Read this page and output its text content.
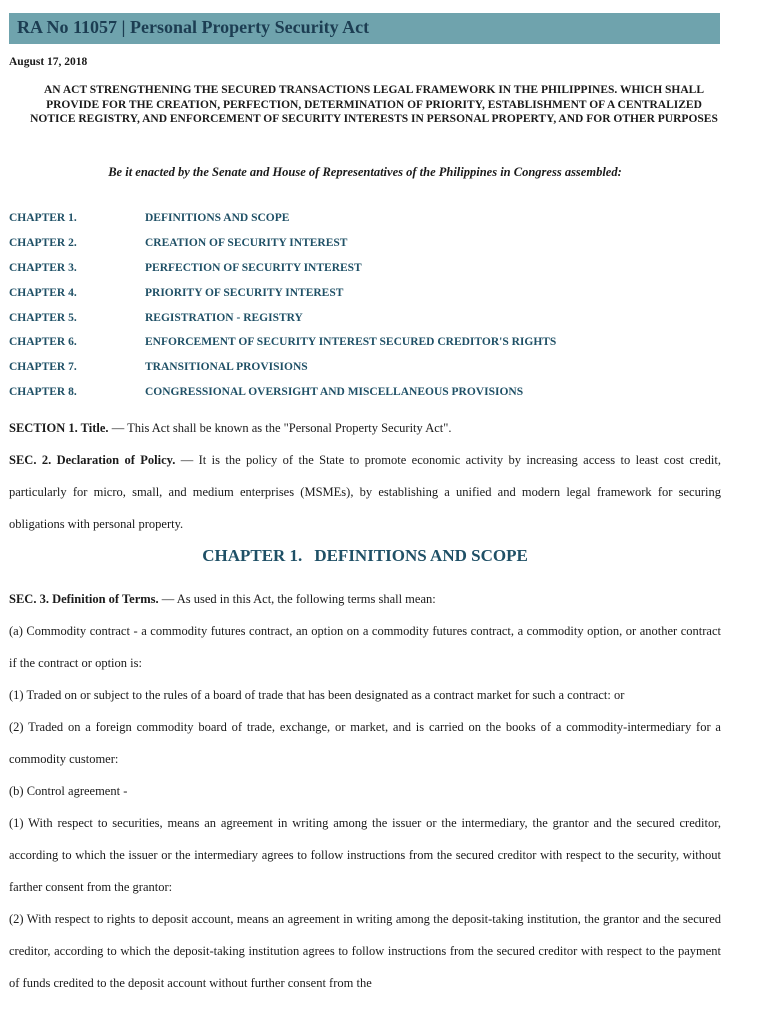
RA No 11057 | Personal Property Security Act
August 17, 2018
AN ACT STRENGTHENING THE SECURED TRANSACTIONS LEGAL FRAMEWORK IN THE PHILIPPINES. WHICH SHALL PROVIDE FOR THE CREATION, PERFECTION, DETERMINATION OF PRIORITY, ESTABLISHMENT OF A CENTRALIZED NOTICE REGISTRY, AND ENFORCEMENT OF SECURITY INTERESTS IN PERSONAL PROPERTY, AND FOR OTHER PURPOSES
Be it enacted by the Senate and House of Representatives of the Philippines in Congress assembled:
CHAPTER 1.	DEFINITIONS AND SCOPE
CHAPTER 2.	CREATION OF SECURITY INTEREST
CHAPTER 3.	PERFECTION OF SECURITY INTEREST
CHAPTER 4.	PRIORITY OF SECURITY INTEREST
CHAPTER 5.	REGISTRATION - REGISTRY
CHAPTER 6.	ENFORCEMENT OF SECURITY INTEREST SECURED CREDITOR'S RIGHTS
CHAPTER 7.	TRANSITIONAL PROVISIONS
CHAPTER 8.	CONGRESSIONAL OVERSIGHT AND MISCELLANEOUS PROVISIONS

SECTION 1. Title. — This Act shall be known as the "Personal Property Security Act".

SEC. 2. Declaration of Policy. — It is the policy of the State to promote economic activity by increasing access to least cost credit, particularly for micro, small, and medium enterprises (MSMEs), by establishing a unified and modern legal framework for securing obligations with personal property.

CHAPTER 1. DEFINITIONS AND SCOPE

SEC. 3. Definition of Terms. — As used in this Act, the following terms shall mean:

(a) Commodity contract - a commodity futures contract, an option on a commodity futures contract, a commodity option, or another contract if the contract or option is:

(1) Traded on or subject to the rules of a board of trade that has been designated as a contract market for such a contract: or

(2) Traded on a foreign commodity board of trade, exchange, or market, and is carried on the books of a commodity-intermediary for a commodity customer:

(b) Control agreement -

(1) With respect to securities, means an agreement in writing among the issuer or the intermediary, the grantor and the secured creditor, according to which the issuer or the intermediary agrees to follow instructions from the secured creditor with respect to the security, without farther consent from the grantor:

(2) With respect to rights to deposit account, means an agreement in writing among the deposit-taking institution, the grantor and the secured creditor, according to which the deposit-taking institution agrees to follow instructions from the secured creditor with respect to the payment of funds credited to the deposit account without further consent from the
